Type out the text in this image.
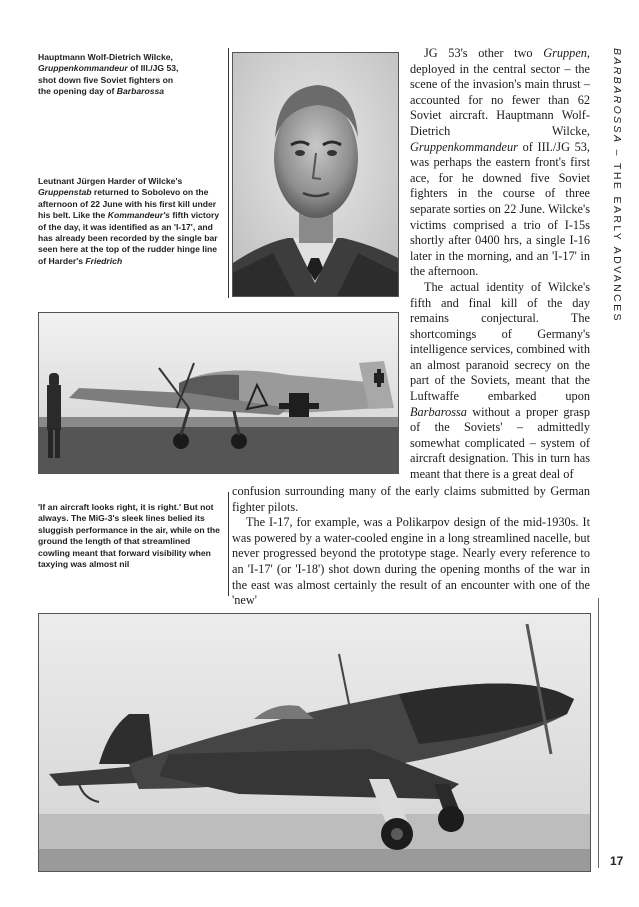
Hauptmann Wolf-Dietrich Wilcke,
Gruppenkommandeur of III./JG 53,
shot down five Soviet fighters on
the opening day of Barbarossa
Leutnant Jürgen Harder of Wilcke's Gruppenstab returned to Sobolevo on the afternoon of 22 June with his first kill under his belt. Like the Kommandeur's fifth victory of the day, it was identified as an 'I-17', and has already been recorded by the single bar seen here at the top of the rudder hinge line of Harder's Friedrich
'If an aircraft looks right, it is right.' But not always. The MiG-3's sleek lines belied its sluggish performance in the air, while on the ground the length of that streamlined cowling meant that forward visibility when taxying was almost nil

JG 53's other two Gruppen, deployed in the central sector – the scene of the invasion's main thrust – accounted for no fewer than 62 Soviet aircraft. Hauptmann Wolf-Dietrich Wilcke, Gruppenkommandeur of III./JG 53, was perhaps the eastern front's first ace, for he downed five Soviet fighters in the course of three separate sorties on 22 June. Wilcke's victims comprised a trio of I-15s shortly after 0400 hrs, a single I-16 later in the morning, and an 'I-17' in the afternoon.

The actual identity of Wilcke's fifth and final kill of the day remains conjectural. The shortcomings of Germany's intelligence services, combined with an almost paranoid secrecy on the part of the Soviets, meant that the Luftwaffe embarked upon Barbarossa without a proper grasp of the Soviets' – admittedly somewhat complicated – system of aircraft designation. This in turn has meant that there is a great deal of

confusion surrounding many of the early claims submitted by German fighter pilots.

The I-17, for example, was a Polikarpov design of the mid-1930s. It was powered by a water-cooled engine in a long streamlined nacelle, but never progressed beyond the prototype stage. Nearly every reference to an 'I-17' (or 'I-18') shot down during the opening months of the war in the east was almost certainly the result of an encounter with one of the 'new'

BARBAROSSA – THE EARLY ADVANCES
17
